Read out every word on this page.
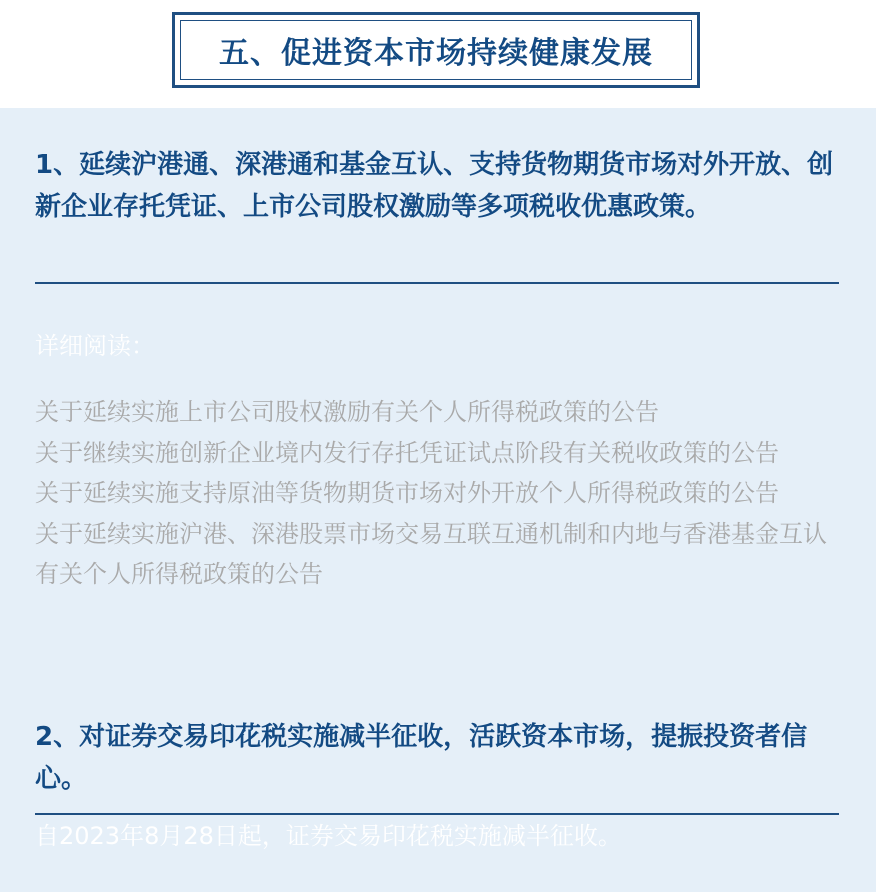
五、促进资本市场持续健康发展
1、延续沪港通、深港通和基金互认、支持货物期货市场对外开放、创新企业存托凭证、上市公司股权激励等多项税收优惠政策。
详细阅读：
关于延续实施上市公司股权激励有关个人所得税政策的公告
关于继续实施创新企业境内发行存托凭证试点阶段有关税收政策的公告
关于延续实施支持原油等货物期货市场对外开放个人所得税政策的公告
关于延续实施沪港、深港股票市场交易互联互通机制和内地与香港基金互认有关个人所得税政策的公告
2、对证券交易印花税实施减半征收，活跃资本市场，提振投资者信心。
自2023年8月28日起，证券交易印花税实施减半征收。
